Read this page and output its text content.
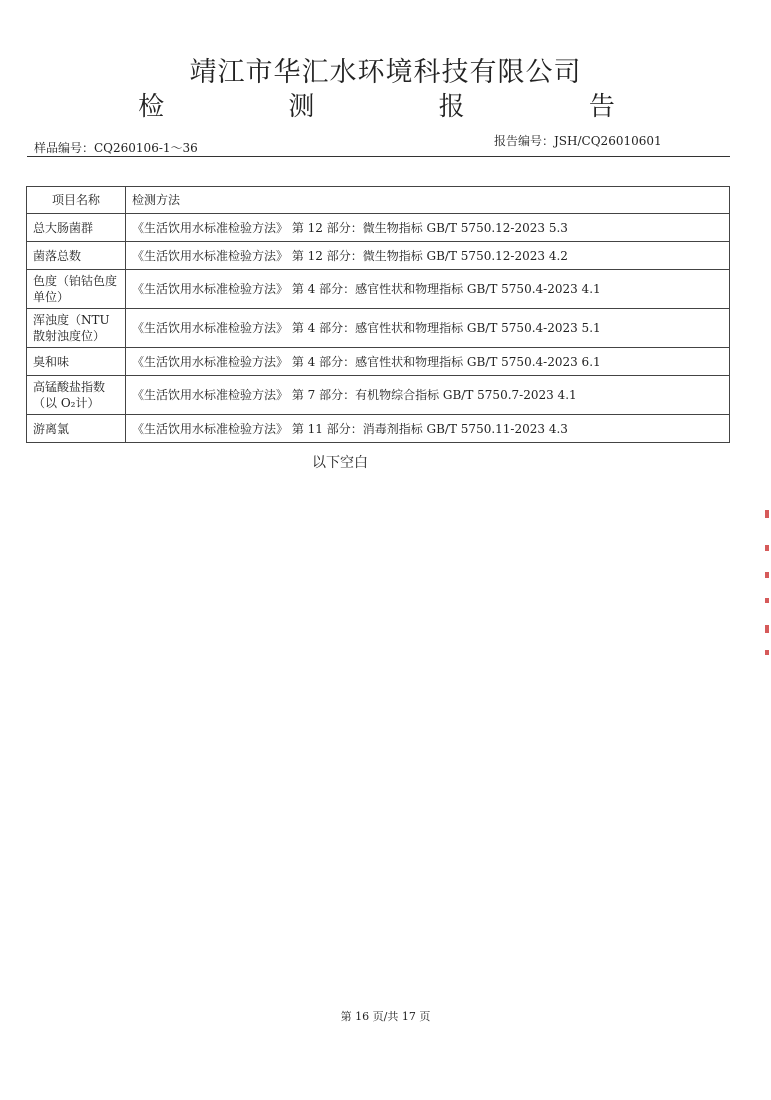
靖江市华汇水环境科技有限公司
检 测 报 告
样品编号：CQ260106-1～36	报告编号：JSH/CQ26010601
项目名称	检测方法
总大肠菌群	《生活饮用水标准检验方法》 第 12 部分：微生物指标 GB/T 5750.12-2023 5.3
菌落总数	《生活饮用水标准检验方法》 第 12 部分：微生物指标 GB/T 5750.12-2023 4.2
色度（铂钴色度单位）	《生活饮用水标准检验方法》 第 4 部分：感官性状和物理指标 GB/T 5750.4-2023 4.1
浑浊度（NTU散射浊度位）	《生活饮用水标准检验方法》 第 4 部分：感官性状和物理指标 GB/T 5750.4-2023 5.1
臭和味	《生活饮用水标准检验方法》 第 4 部分：感官性状和物理指标 GB/T 5750.4-2023 6.1
高锰酸盐指数（以 O₂计）	《生活饮用水标准检验方法》 第 7 部分：有机物综合指标 GB/T 5750.7-2023 4.1
游离氯	《生活饮用水标准检验方法》 第 11 部分：消毒剂指标 GB/T 5750.11-2023 4.3
以下空白
第 16 页/共 17 页
